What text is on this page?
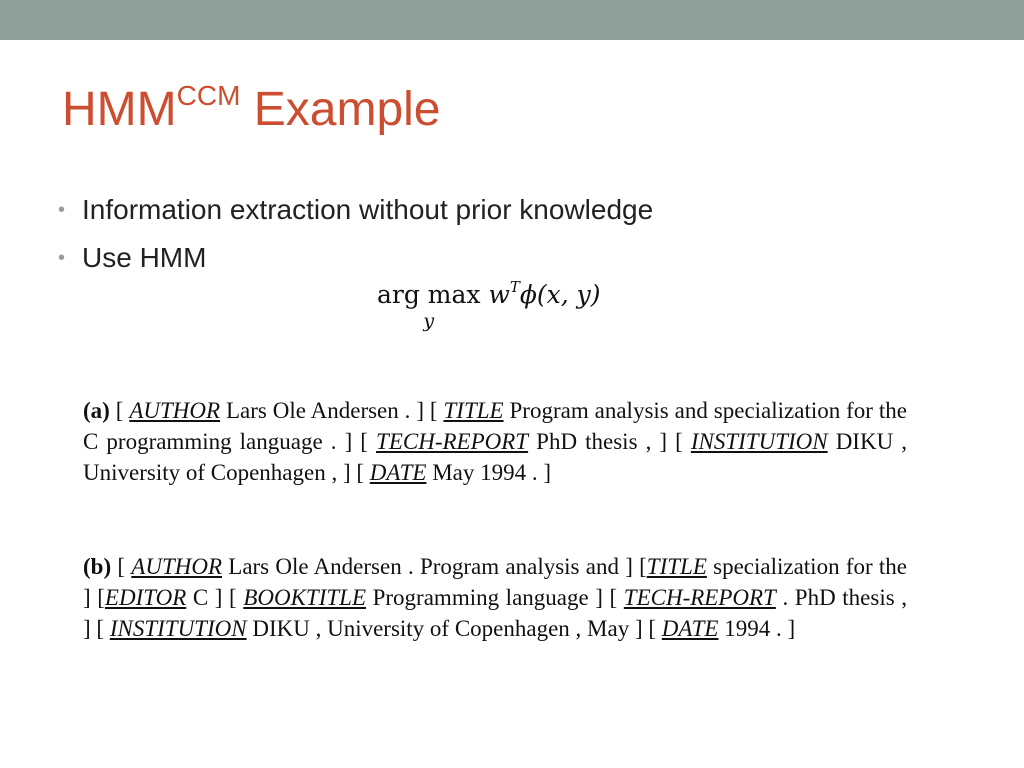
$HMM^{CCM}$ Example
• Information extraction without prior knowledge
• Use HMM
arg max
y
$w^T\phi(x$, y)

(a) [ AUTHOR Lars Ole Andersen . ] [ TITLE Program analysis and specialization for the C programming language . ] [ TECH-REPORT PhD thesis , ] [ INSTITUTION DIKU , University of Copenhagen , ] [ DATE May 1994 . ]

(b) [ AUTHOR Lars Ole Andersen . Program analysis and ] [TITLE specialization for the ] [EDITOR C ] [ BOOKTITLE Programming language ] [ TECH-REPORT . PhD thesis , ] [ INSTITUTION DIKU , University of Copenhagen , May ] [ DATE 1994 . ]
